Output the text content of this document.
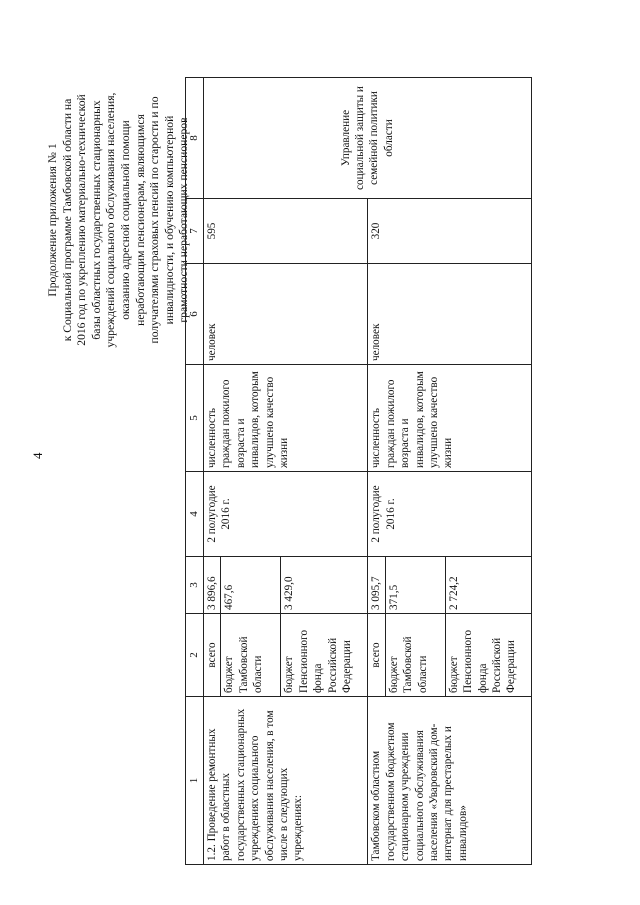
4
Продолжение приложения № 1 к Социальной программе Тамбовской области на 2016 год по укреплению материально-технической базы областных государственных стационарных учреждений социального обслуживания населения, оказанию адресной социальной помощи неработающим пенсионерам, являющимся получателями страховых пенсий по старости и по инвалидности, и обучению компьютерной грамотности неработающих пенсионеров
1	2	3	4	5	6	7	8
1.2. Проведение ремонтных работ в областных государственных стационарных учреждениях социального обслуживания населения, в том числе в следующих учреждениях:	всего	3 896,6	2 полугодие 2016 г.	численность граждан пожилого возраста и инвалидов, которым улучшено качество жизни	человек	595	Управление социальной защиты и семейной политики области
	бюджет Тамбовской области	467,6					
	бюджет Пенсионного фонда Российской Федерации	3 429,0					
Тамбовском областном государственном бюджетном стационарном учреждении социального обслуживания населения «Уваровский дом-интернат для престарелых и инвалидов»	всего	3 095,7	2 полугодие 2016 г.	численность граждан пожилого возраста и инвалидов, которым улучшено качество жизни	человек	320	
	бюджет Тамбовской области	371,5					
	бюджет Пенсионного фонда Российской Федерации	2 724,2					
